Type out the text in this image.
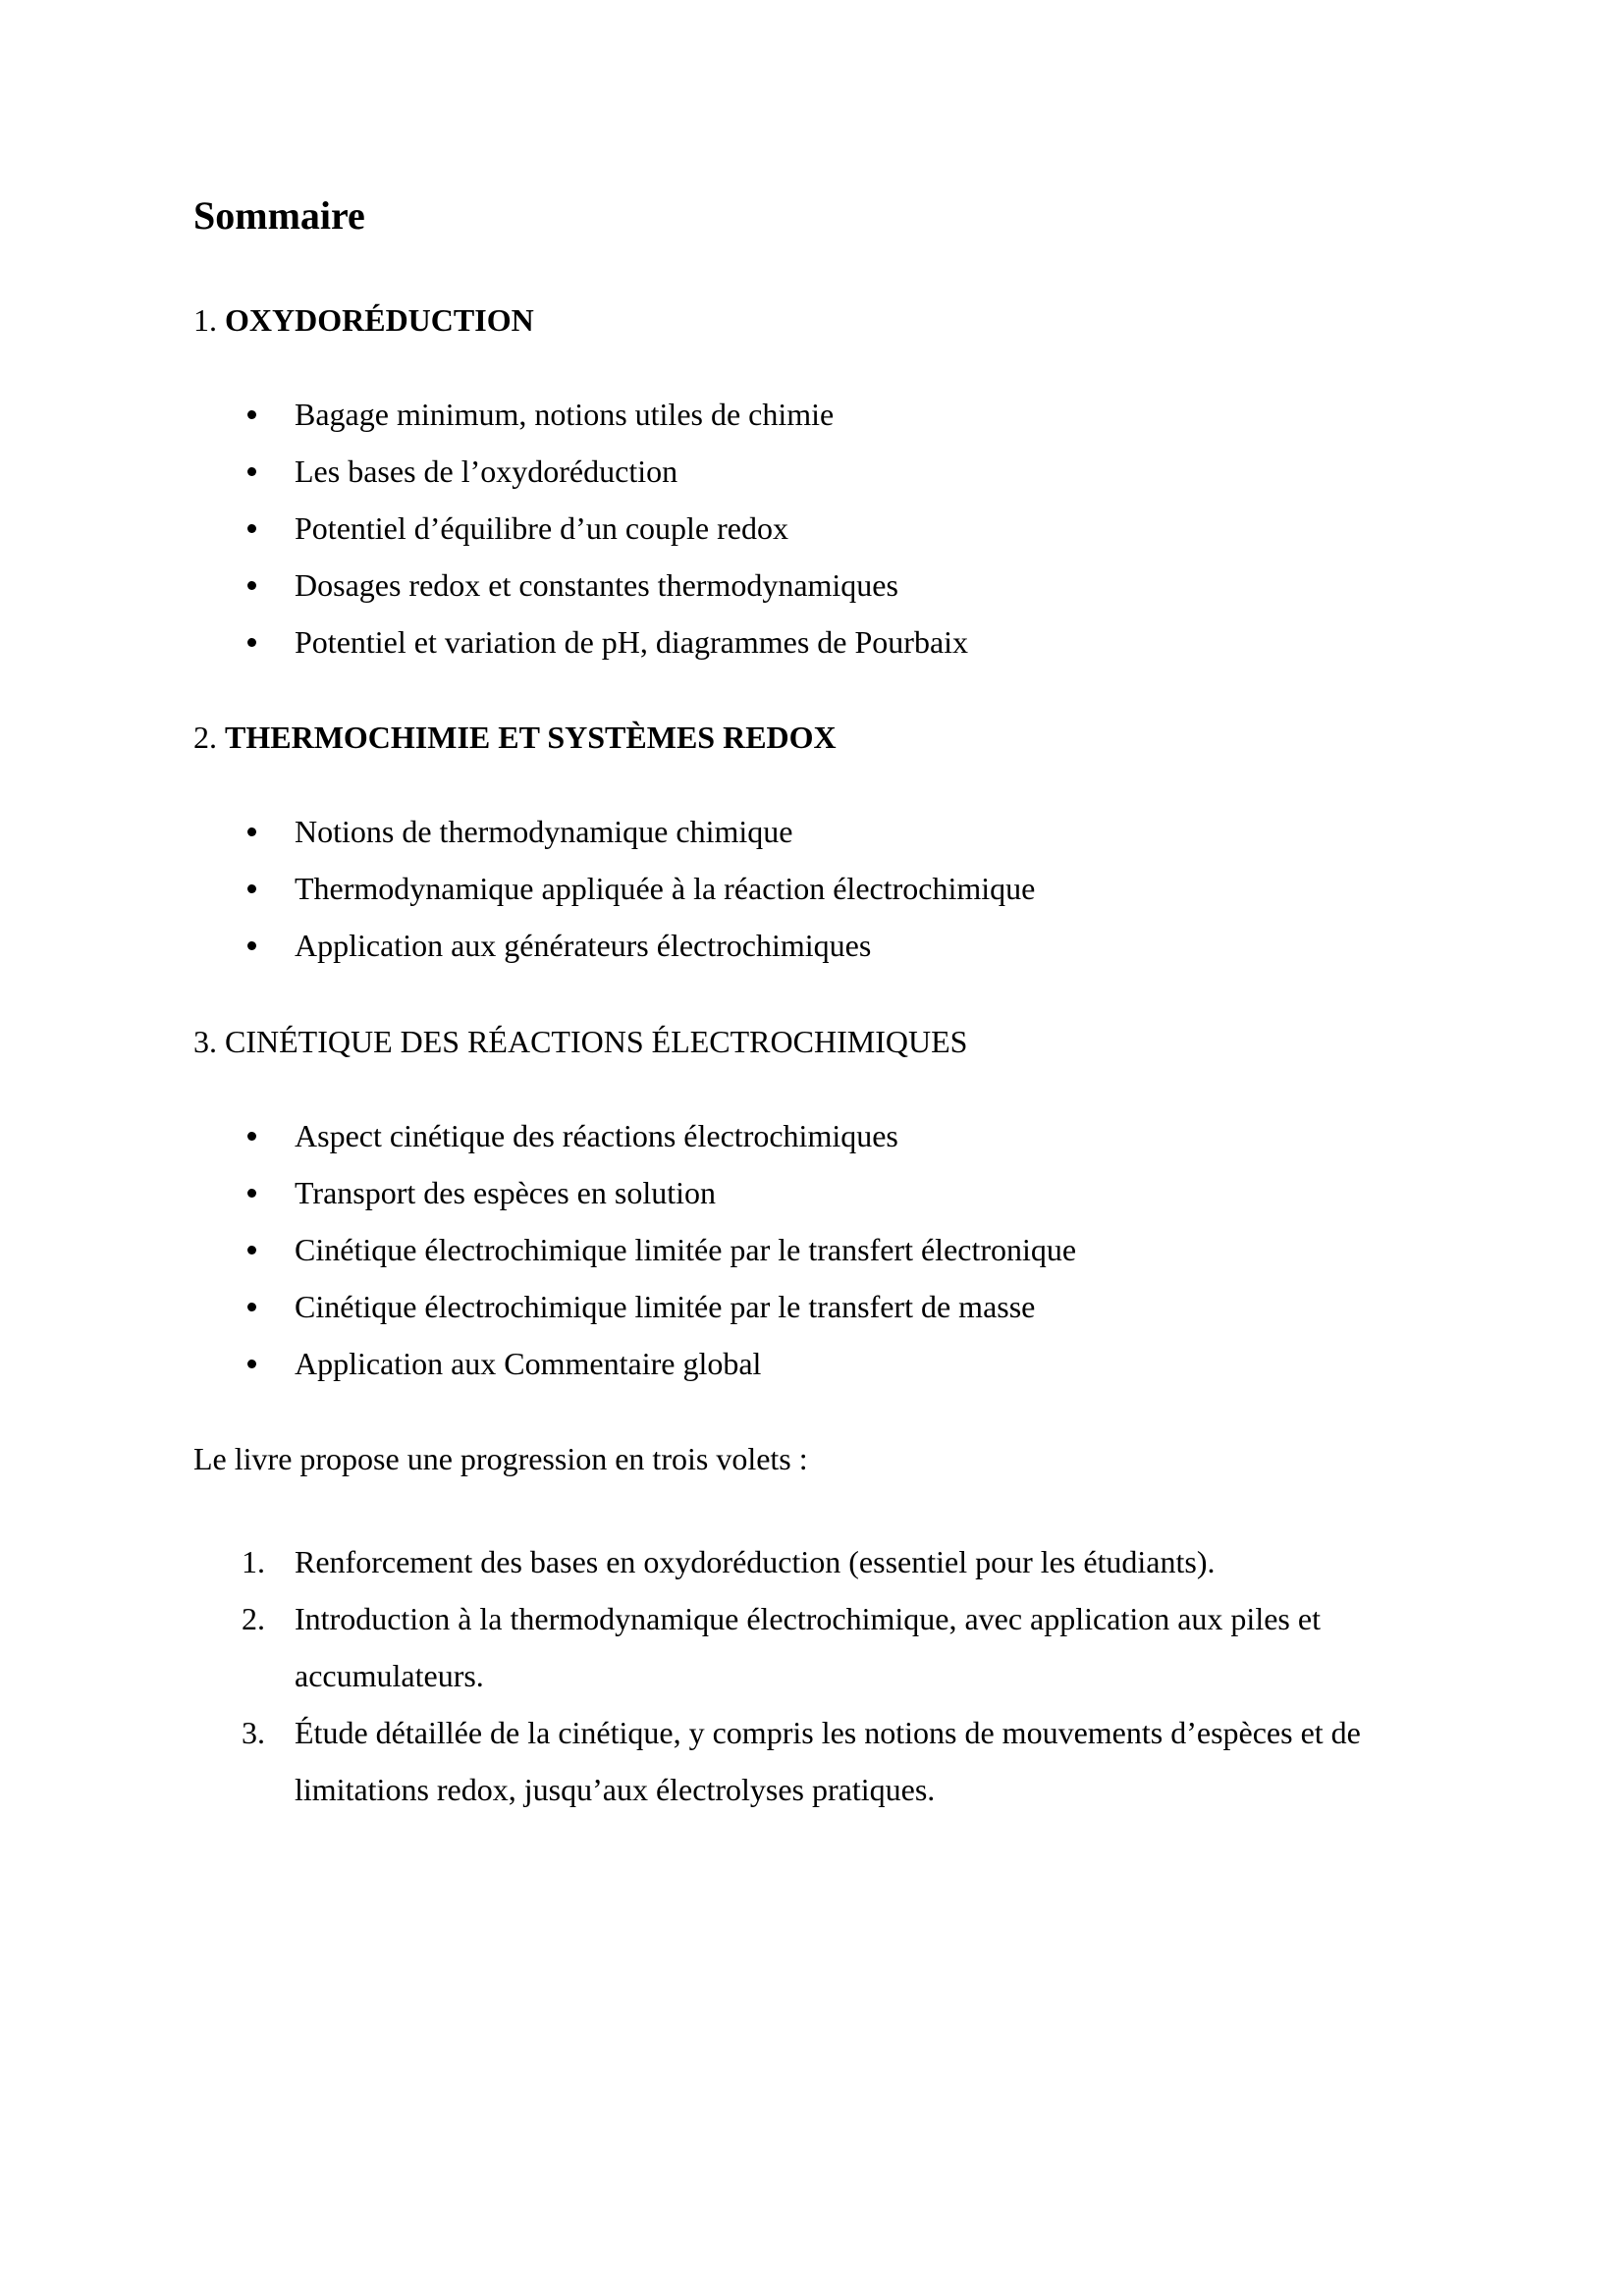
Sommaire
1. OXYDORÉDUCTION
Bagage minimum, notions utiles de chimie
Les bases de l’oxydoréduction
Potentiel d’équilibre d’un couple redox
Dosages redox et constantes thermodynamiques
Potentiel et variation de pH, diagrammes de Pourbaix
2. THERMOCHIMIE ET SYSTÈMES REDOX
Notions de thermodynamique chimique
Thermodynamique appliquée à la réaction électrochimique
Application aux générateurs électrochimiques
3. CINÉTIQUE DES RÉACTIONS ÉLECTROCHIMIQUES
Aspect cinétique des réactions électrochimiques
Transport des espèces en solution
Cinétique électrochimique limitée par le transfert électronique
Cinétique électrochimique limitée par le transfert de masse
Application aux Commentaire global

Le livre propose une progression en trois volets :

1. Renforcement des bases en oxydoréduction (essentiel pour les étudiants).
2. Introduction à la thermodynamique électrochimique, avec application aux piles et accumulateurs.
3. Étude détaillée de la cinétique, y compris les notions de mouvements d’espèces et de limitations redox, jusqu’aux électrolyses pratiques.
